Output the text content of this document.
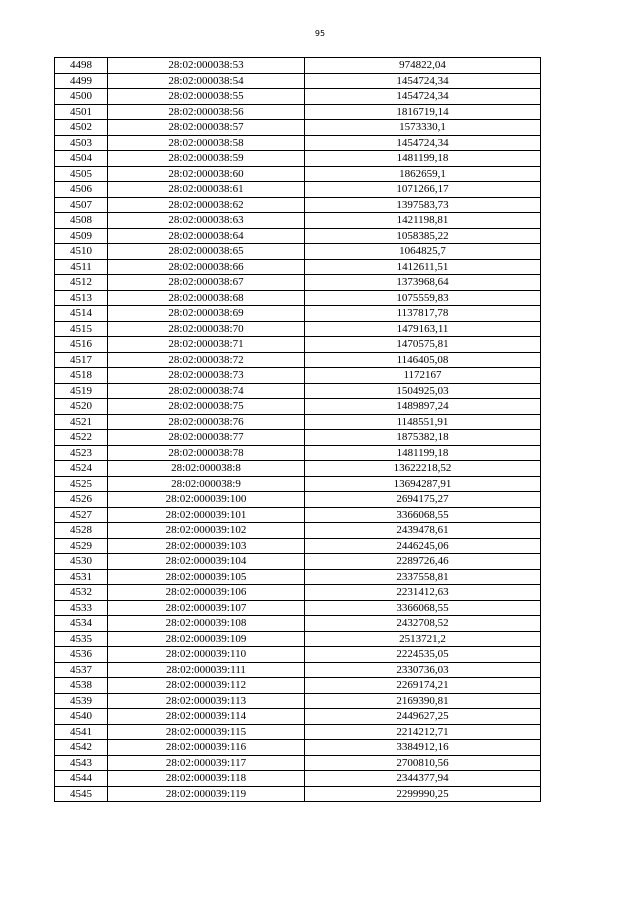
95
4498	28:02:000038:53	974822,04
4499	28:02:000038:54	1454724,34
4500	28:02:000038:55	1454724,34
4501	28:02:000038:56	1816719,14
4502	28:02:000038:57	1573330,1
4503	28:02:000038:58	1454724,34
4504	28:02:000038:59	1481199,18
4505	28:02:000038:60	1862659,1
4506	28:02:000038:61	1071266,17
4507	28:02:000038:62	1397583,73
4508	28:02:000038:63	1421198,81
4509	28:02:000038:64	1058385,22
4510	28:02:000038:65	1064825,7
4511	28:02:000038:66	1412611,51
4512	28:02:000038:67	1373968,64
4513	28:02:000038:68	1075559,83
4514	28:02:000038:69	1137817,78
4515	28:02:000038:70	1479163,11
4516	28:02:000038:71	1470575,81
4517	28:02:000038:72	1146405,08
4518	28:02:000038:73	1172167
4519	28:02:000038:74	1504925,03
4520	28:02:000038:75	1489897,24
4521	28:02:000038:76	1148551,91
4522	28:02:000038:77	1875382,18
4523	28:02:000038:78	1481199,18
4524	28:02:000038:8	13622218,52
4525	28:02:000038:9	13694287,91
4526	28:02:000039:100	2694175,27
4527	28:02:000039:101	3366068,55
4528	28:02:000039:102	2439478,61
4529	28:02:000039:103	2446245,06
4530	28:02:000039:104	2289726,46
4531	28:02:000039:105	2337558,81
4532	28:02:000039:106	2231412,63
4533	28:02:000039:107	3366068,55
4534	28:02:000039:108	2432708,52
4535	28:02:000039:109	2513721,2
4536	28:02:000039:110	2224535,05
4537	28:02:000039:111	2330736,03
4538	28:02:000039:112	2269174,21
4539	28:02:000039:113	2169390,81
4540	28:02:000039:114	2449627,25
4541	28:02:000039:115	2214212,71
4542	28:02:000039:116	3384912,16
4543	28:02:000039:117	2700810,56
4544	28:02:000039:118	2344377,94
4545	28:02:000039:119	2299990,25
